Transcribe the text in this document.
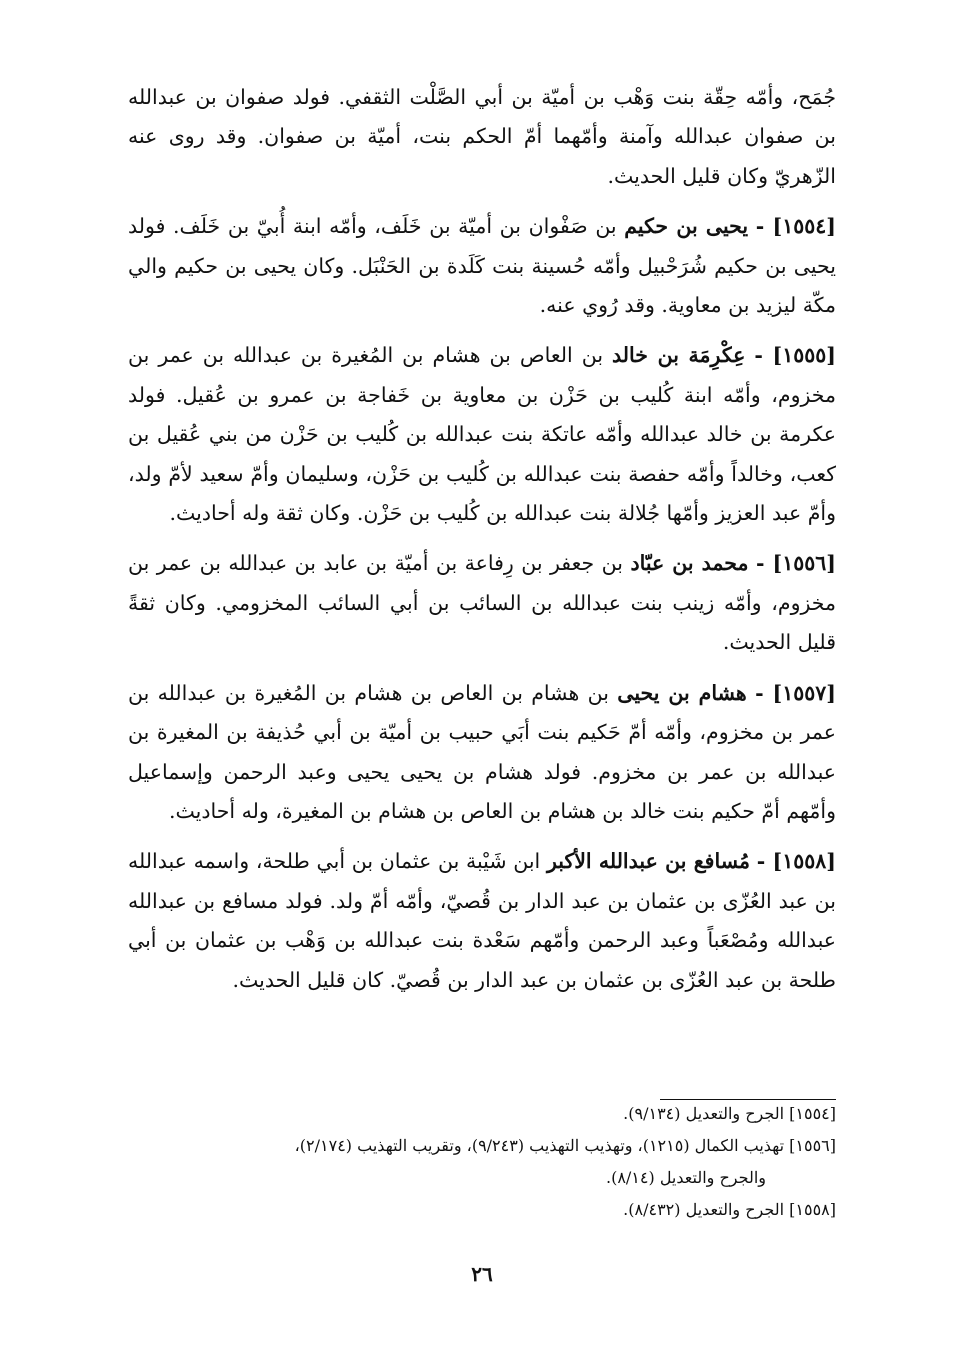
جُمَح، وأمّه حِقّة بنت وَهْب بن أميّة بن أبي الصَّلْت الثقفي. فولد صفوان بن عبدالله بن صفوان عبدالله وآمنة وأمّهما أمّ الحكم بنت، أميّة بن صفوان. وقد روى عنه الزّهريّ وكان قليل الحديث.

[١٥٥٤] - يحيى بن حكيم بن صَفْوان بن أميّة بن خَلَف، وأمّه ابنة أُبيّ بن خَلَف. فولد يحيى بن حكيم شُرَحْبيل وأمّه حُسينة بنت كَلَدة بن الحَنْبَل. وكان يحيى بن حكيم والي مكّة ليزيد بن معاوية. وقد رُوي عنه.

[١٥٥٥] - عِكْرِمَة بن خالد بن العاص بن هشام بن المُغيرة بن عبدالله بن عمر بن مخزوم، وأمّه ابنة كُليب بن حَزْن بن معاوية بن خَفاجة بن عمرو بن عُقيل. فولد عكرمة بن خالد عبدالله وأمّه عاتكة بنت عبدالله بن كُليب بن حَزْن من بني عُقيل بن كعب، وخالداً وأمّه حفصة بنت عبدالله بن كُليب بن حَزْن، وسليمان وأمّ سعيد لأمّ ولد، وأمّ عبد العزيز وأمّها جُلالة بنت عبدالله بن كُليب بن حَزْن. وكان ثقة وله أحاديث.

[١٥٥٦] - محمد بن عبّاد بن جعفر بن رِفاعة بن أميّة بن عابد بن عبدالله بن عمر بن مخزوم، وأمّه زينب بنت عبدالله بن السائب بن أبي السائب المخزومي. وكان ثقةً قليل الحديث.

[١٥٥٧] - هشام بن يحيى بن هشام بن العاص بن هشام بن المُغيرة بن عبدالله بن عمر بن مخزوم، وأمّه أمّ حَكيم بنت أبَي حبيب بن أميّة بن أبي حُذيفة بن المغيرة بن عبدالله بن عمر بن مخزوم. فولد هشام بن يحيى يحيى وعبد الرحمن وإسماعيل وأمّهم أمّ حكيم بنت خالد بن هشام بن العاص بن هشام بن المغيرة، وله أحاديث.

[١٥٥٨] - مُسافع بن عبدالله الأكبر ابن شَيْبة بن عثمان بن أبي طلحة، واسمه عبدالله بن عبد العُزّى بن عثمان بن عبد الدار بن قُصيّ، وأمّه أمّ ولد. فولد مسافع بن عبدالله عبدالله ومُصْعَباً وعبد الرحمن وأمّهم سَعْدة بنت عبدالله بن وَهْب بن عثمان بن أبي طلحة بن عبد العُزّى بن عثمان بن عبد الدار بن قُصيّ. كان قليل الحديث.

[١٥٥٤] الجرح والتعديل (٩/١٣٤).

[١٥٥٦] تهذيب الكمال (١٢١٥)، وتهذيب التهذيب (٩/٢٤٣)، وتقريب التهذيب (٢/١٧٤)،
والجرح والتعديل (٨/١٤).

[١٥٥٨] الجرح والتعديل (٨/٤٣٢).

٢٦
